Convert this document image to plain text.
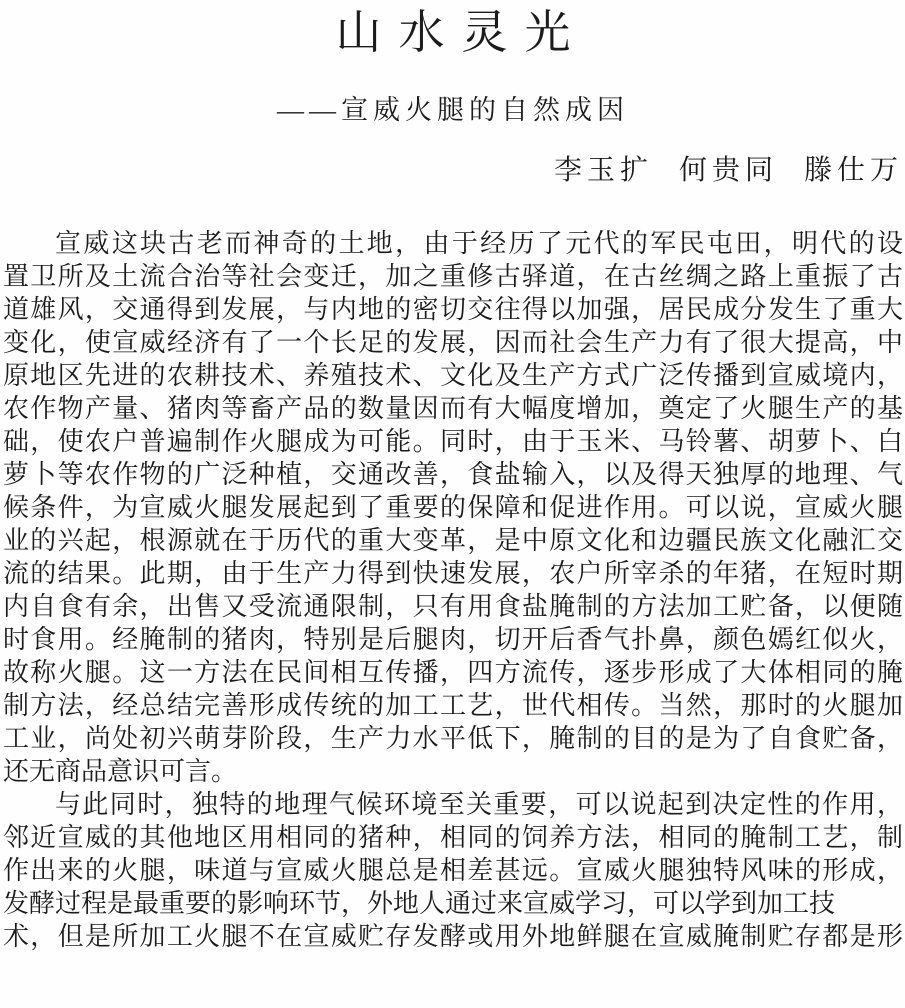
山水灵光
——宣威火腿的自然成因
李玉扩 何贵同 滕仕万
宣威这块古老而神奇的土地，由于经历了元代的军民屯田，明代的设
置卫所及土流合治等社会变迁，加之重修古驿道，在古丝绸之路上重振了古
道雄风，交通得到发展，与内地的密切交往得以加强，居民成分发生了重大
变化，使宣威经济有了一个长足的发展，因而社会生产力有了很大提高，中
原地区先进的农耕技术、养殖技术、文化及生产方式广泛传播到宣威境内，
农作物产量、猪肉等畜产品的数量因而有大幅度增加，奠定了火腿生产的基
础，使农户普遍制作火腿成为可能。同时，由于玉米、马铃薯、胡萝卜、白
萝卜等农作物的广泛种植，交通改善，食盐输入，以及得天独厚的地理、气
候条件，为宣威火腿发展起到了重要的保障和促进作用。可以说，宣威火腿
业的兴起，根源就在于历代的重大变革，是中原文化和边疆民族文化融汇交
流的结果。此期，由于生产力得到快速发展，农户所宰杀的年猪，在短时期
内自食有余，出售又受流通限制，只有用食盐腌制的方法加工贮备，以便随
时食用。经腌制的猪肉，特别是后腿肉，切开后香气扑鼻，颜色嫣红似火，
故称火腿。这一方法在民间相互传播，四方流传，逐步形成了大体相同的腌
制方法，经总结完善形成传统的加工工艺，世代相传。当然，那时的火腿加
工业，尚处初兴萌芽阶段，生产力水平低下，腌制的目的是为了自食贮备，
还无商品意识可言。
与此同时，独特的地理气候环境至关重要，可以说起到决定性的作用，
邻近宣威的其他地区用相同的猪种，相同的饲养方法，相同的腌制工艺，制
作出来的火腿，味道与宣威火腿总是相差甚远。宣威火腿独特风味的形成，
发酵过程是最重要的影响环节，外地人通过来宣威学习，可以学到加工技
术，但是所加工火腿不在宣威贮存发酵或用外地鲜腿在宣威腌制贮存都是形
